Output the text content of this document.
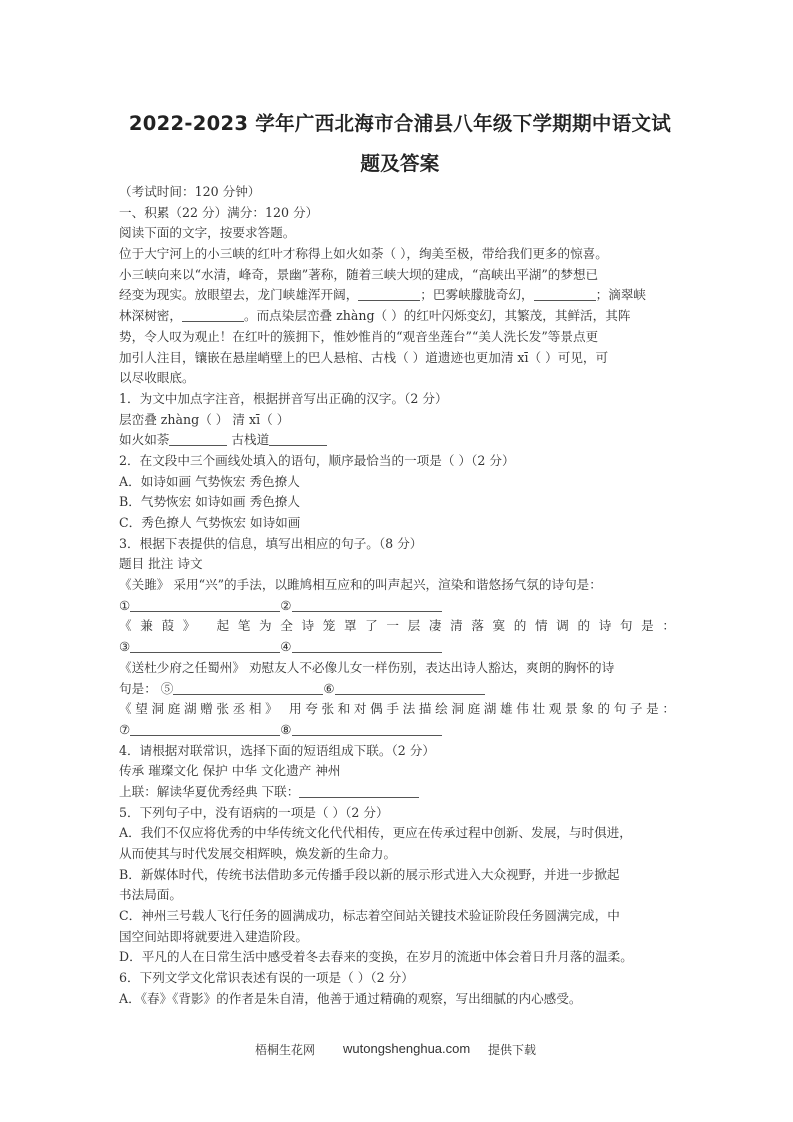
2022-2023 学年广西北海市合浦县八年级下学期期中语文试
题及答案
（考试时间：120 分钟）
一、积累（22 分）满分：120 分）
阅读下面的文字，按要求答题。
位于大宁河上的小三峡的红叶才称得上如火如荼（ ），绚美至极，带给我们更多的惊喜。
小三峡向来以“水清，峰奇，景幽”著称，随着三峡大坝的建成，“高峡出平湖”的梦想已
经变为现实。放眼望去，龙门峡雄浑开阔，	；巴雾峡朦胧奇幻，	；滴翠峡
林深树密，	。而点染层峦叠 zhàng（ ）的红叶闪烁变幻，其繁茂，其鲜活，其阵
势，令人叹为观止！在红叶的簇拥下，惟妙惟肖的“观音坐莲台”“美人洗长发”等景点更
加引人注目，镶嵌在悬崖峭壁上的巴人悬棺、古栈（ ）道遗迹也更加清 xī（ ）可见，可
以尽收眼底。
1．为文中加点字注音，根据拼音写出正确的汉字。（2 分）
层峦叠 zhàng（ ） 清 xī（ ）
如火如荼	古栈道
2．在文段中三个画线处填入的语句，顺序最恰当的一项是（ ）（2 分）
A．如诗如画 气势恢宏 秀色撩人
B．气势恢宏 如诗如画 秀色撩人
C．秀色撩人 气势恢宏 如诗如画
3．根据下表提供的信息，填写出相应的句子。（8 分）
题目 批注 诗文
《关雎》 采用“兴”的手法，以雎鸠相互应和的叫声起兴，渲染和谐悠扬气氛的诗句是：
①	②
《兼葭》 起笔为全诗笼罩了一层凄清落寞的情调的诗句是：
③	④
《送杜少府之任蜀州》 劝慰友人不必像儿女一样伤别，表达出诗人豁达，爽朗的胸怀的诗
句是： ⑤	⑥
《望洞庭湖赠张丞相》 用夸张和对偶手法描绘洞庭湖雄伟壮观景象的句子是：
⑦	⑧
4．请根据对联常识，选择下面的短语组成下联。（2 分）
传承 璀璨文化 保护 中华 文化遗产 神州
上联：解读华夏优秀经典 下联：
5．下列句子中，没有语病的一项是（ ）（2 分）
A．我们不仅应将优秀的中华传统文化代代相传，更应在传承过程中创新、发展，与时俱进，
从而使其与时代发展交相辉映，焕发新的生命力。
B．新媒体时代，传统书法借助多元传播手段以新的展示形式进入大众视野，并进一步掀起
书法局面。
C．神州三号载人飞行任务的圆满成功，标志着空间站关键技术验证阶段任务圆满完成，中
国空间站即将就要进入建造阶段。
D．平凡的人在日常生活中感受着冬去春来的变换，在岁月的流逝中体会着日升月落的温柔。
6．下列文学文化常识表述有误的一项是（ ）（2 分）
A．《春》《背影》的作者是朱自清，他善于通过精确的观察，写出细腻的内心感受。
梧桐生花网 wutongshenghua.com 提供下载
